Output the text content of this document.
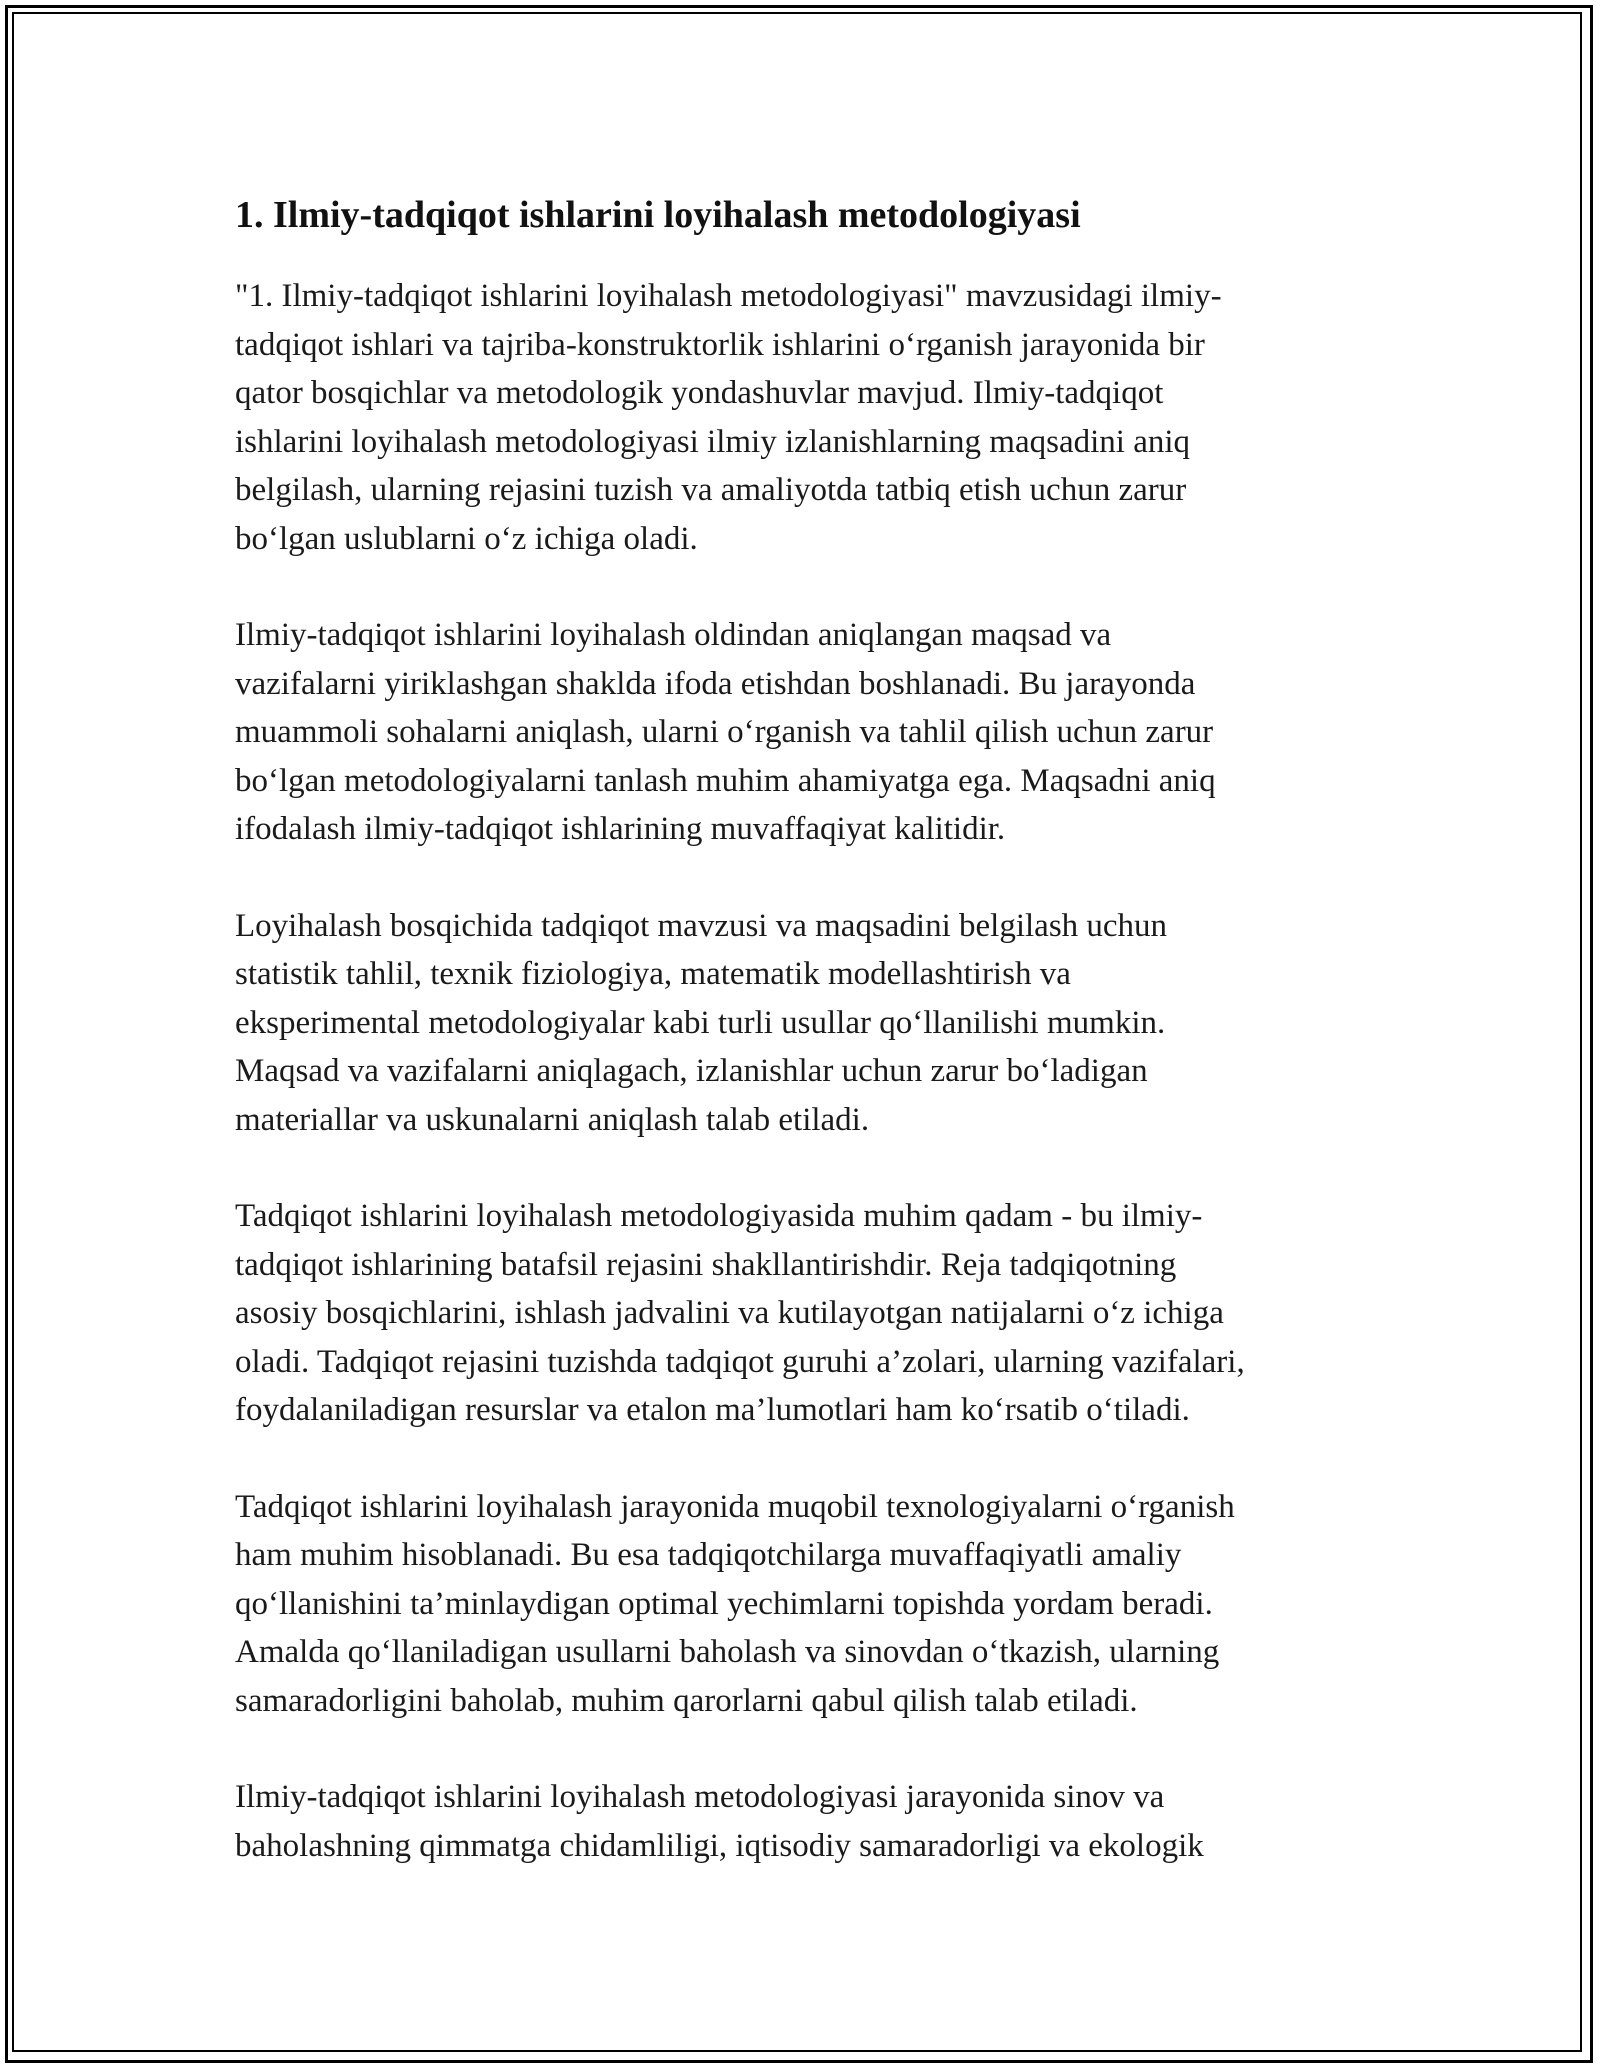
1. Ilmiy-tadqiqot ishlarini loyihalash metodologiyasi

"1. Ilmiy-tadqiqot ishlarini loyihalash metodologiyasi" mavzusidagi ilmiy-
tadqiqot ishlari va tajriba-konstruktorlik ishlarini o‘rganish jarayonida bir
qator bosqichlar va metodologik yondashuvlar mavjud. Ilmiy-tadqiqot
ishlarini loyihalash metodologiyasi ilmiy izlanishlarning maqsadini aniq
belgilash, ularning rejasini tuzish va amaliyotda tatbiq etish uchun zarur
bo‘lgan uslublarni o‘z ichiga oladi.

Ilmiy-tadqiqot ishlarini loyihalash oldindan aniqlangan maqsad va
vazifalarni yiriklashgan shaklda ifoda etishdan boshlanadi. Bu jarayonda
muammoli sohalarni aniqlash, ularni o‘rganish va tahlil qilish uchun zarur
bo‘lgan metodologiyalarni tanlash muhim ahamiyatga ega. Maqsadni aniq
ifodalash ilmiy-tadqiqot ishlarining muvaffaqiyat kalitidir.

Loyihalash bosqichida tadqiqot mavzusi va maqsadini belgilash uchun
statistik tahlil, texnik fiziologiya, matematik modellashtirish va
eksperimental metodologiyalar kabi turli usullar qo‘llanilishi mumkin.
Maqsad va vazifalarni aniqlagach, izlanishlar uchun zarur bo‘ladigan
materiallar va uskunalarni aniqlash talab etiladi.

Tadqiqot ishlarini loyihalash metodologiyasida muhim qadam - bu ilmiy-
tadqiqot ishlarining batafsil rejasini shakllantirishdir. Reja tadqiqotning
asosiy bosqichlarini, ishlash jadvalini va kutilayotgan natijalarni o‘z ichiga
oladi. Tadqiqot rejasini tuzishda tadqiqot guruhi a’zolari, ularning vazifalari,
foydalaniladigan resurslar va etalon ma’lumotlari ham ko‘rsatib o‘tiladi.

Tadqiqot ishlarini loyihalash jarayonida muqobil texnologiyalarni o‘rganish
ham muhim hisoblanadi. Bu esa tadqiqotchilarga muvaffaqiyatli amaliy
qo‘llanishini ta’minlaydigan optimal yechimlarni topishda yordam beradi.
Amalda qo‘llaniladigan usullarni baholash va sinovdan o‘tkazish, ularning
samaradorligini baholab, muhim qarorlarni qabul qilish talab etiladi.

Ilmiy-tadqiqot ishlarini loyihalash metodologiyasi jarayonida sinov va
baholashning qimmatga chidamliligi, iqtisodiy samaradorligi va ekologik
